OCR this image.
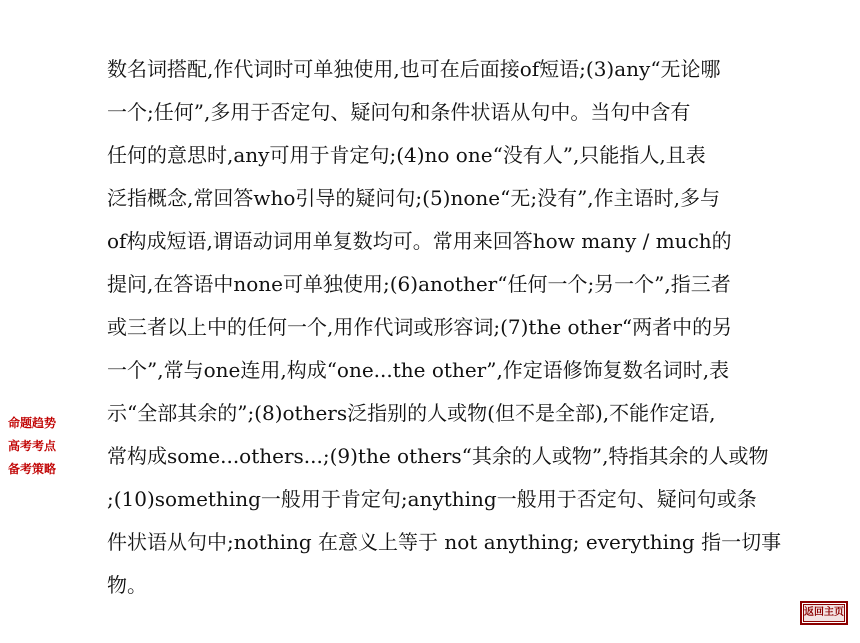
数名词搭配,作代词时可单独使用,也可在后面接of短语;(3)any“无论哪
一个;任何”,多用于否定句、疑问句和条件状语从句中。当句中含有
任何的意思时,any可用于肯定句;(4)no one“没有人”,只能指人,且表
泛指概念,常回答who引导的疑问句;(5)none“无;没有”,作主语时,多与
of构成短语,谓语动词用单复数均可。常用来回答how many / much的
提问,在答语中none可单独使用;(6)another“任何一个;另一个”,指三者
或三者以上中的任何一个,用作代词或形容词;(7)the other“两者中的另
一个”,常与one连用,构成“one...the other”,作定语修饰复数名词时,表
示“全部其余的”;(8)others泛指别的人或物(但不是全部),不能作定语,
常构成some...others...;(9)the others“其余的人或物”,特指其余的人或物
;(10)something一般用于肯定句;anything一般用于否定句、疑问句或条
件状语从句中;nothing 在意义上等于 not anything; everything 指一切事
物。
命题趋势
高考考点
备考策略
返回主页
